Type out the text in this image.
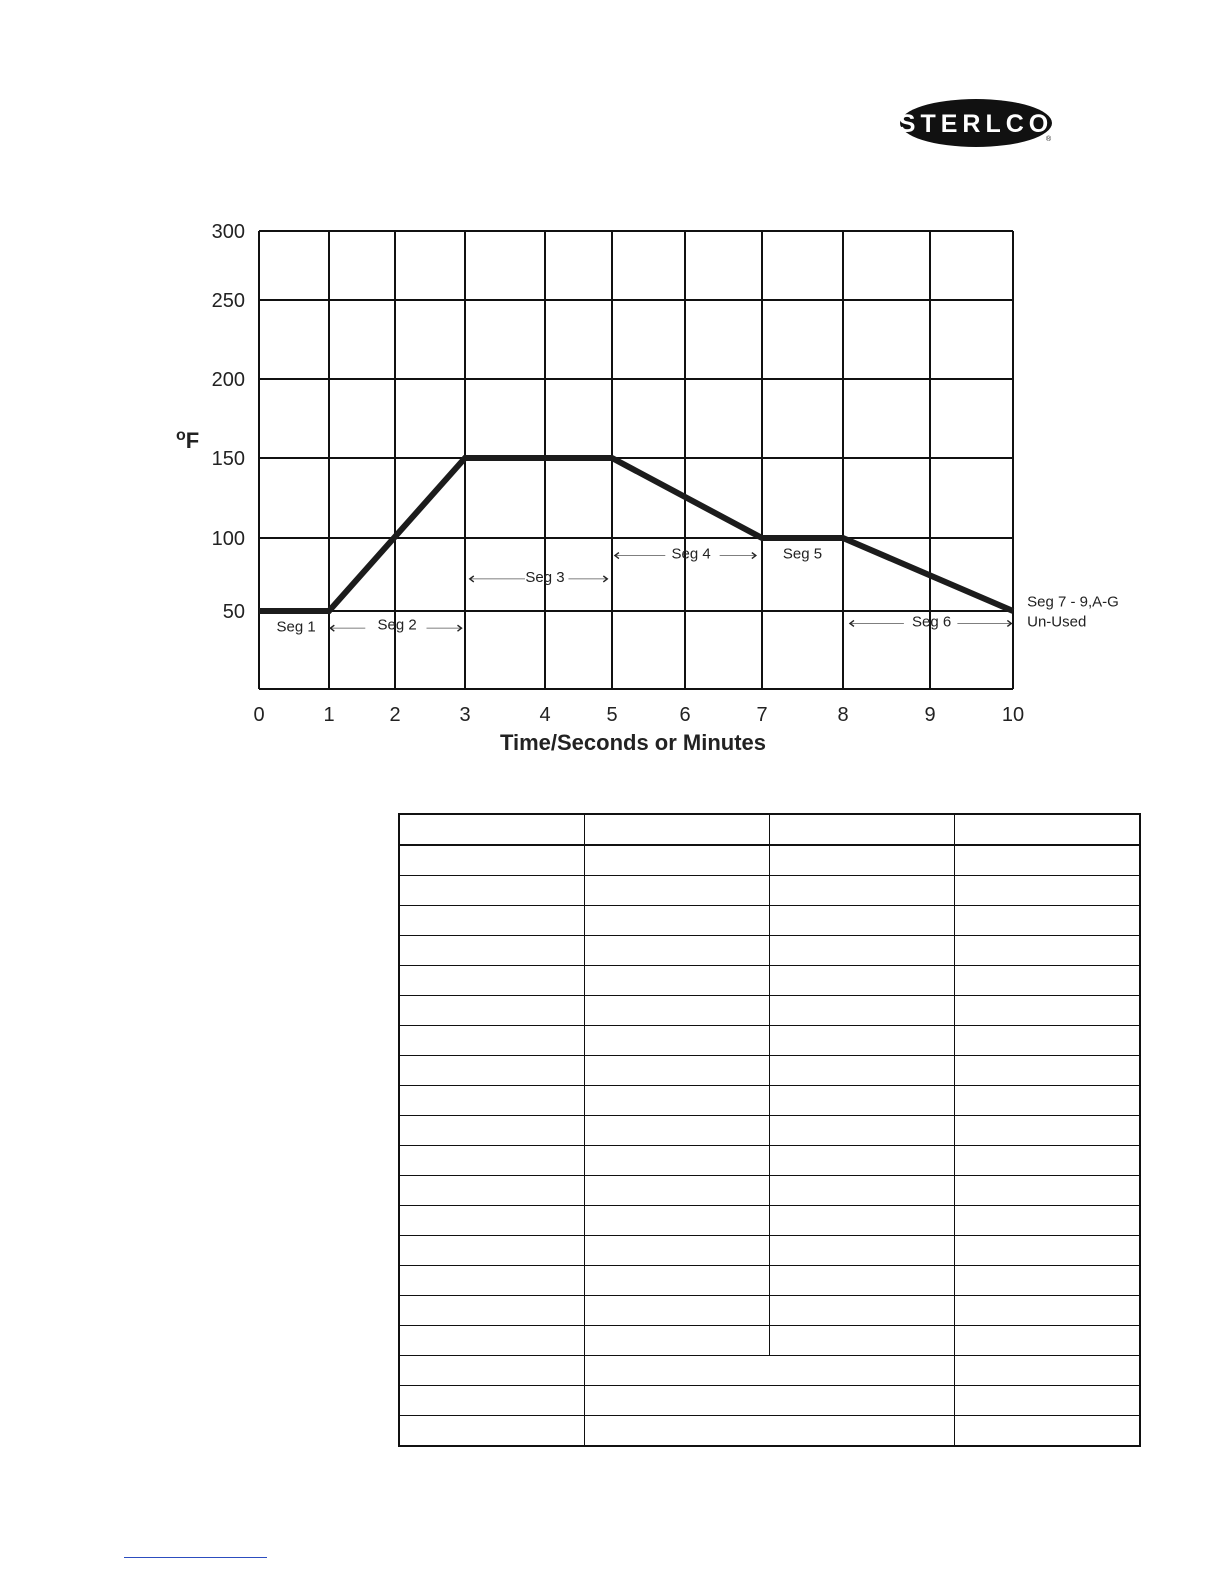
STERLCO
®
0	1	2	3	4	5	6	7	8	9	10
50
100
150
200
250
300
Seg 1	Seg 2
Seg 3
Seg 4	Seg 5
Seg 6
Seg 7 - 9,A-G
Un-Used
Time/Seconds or Minutes
$^o$F
